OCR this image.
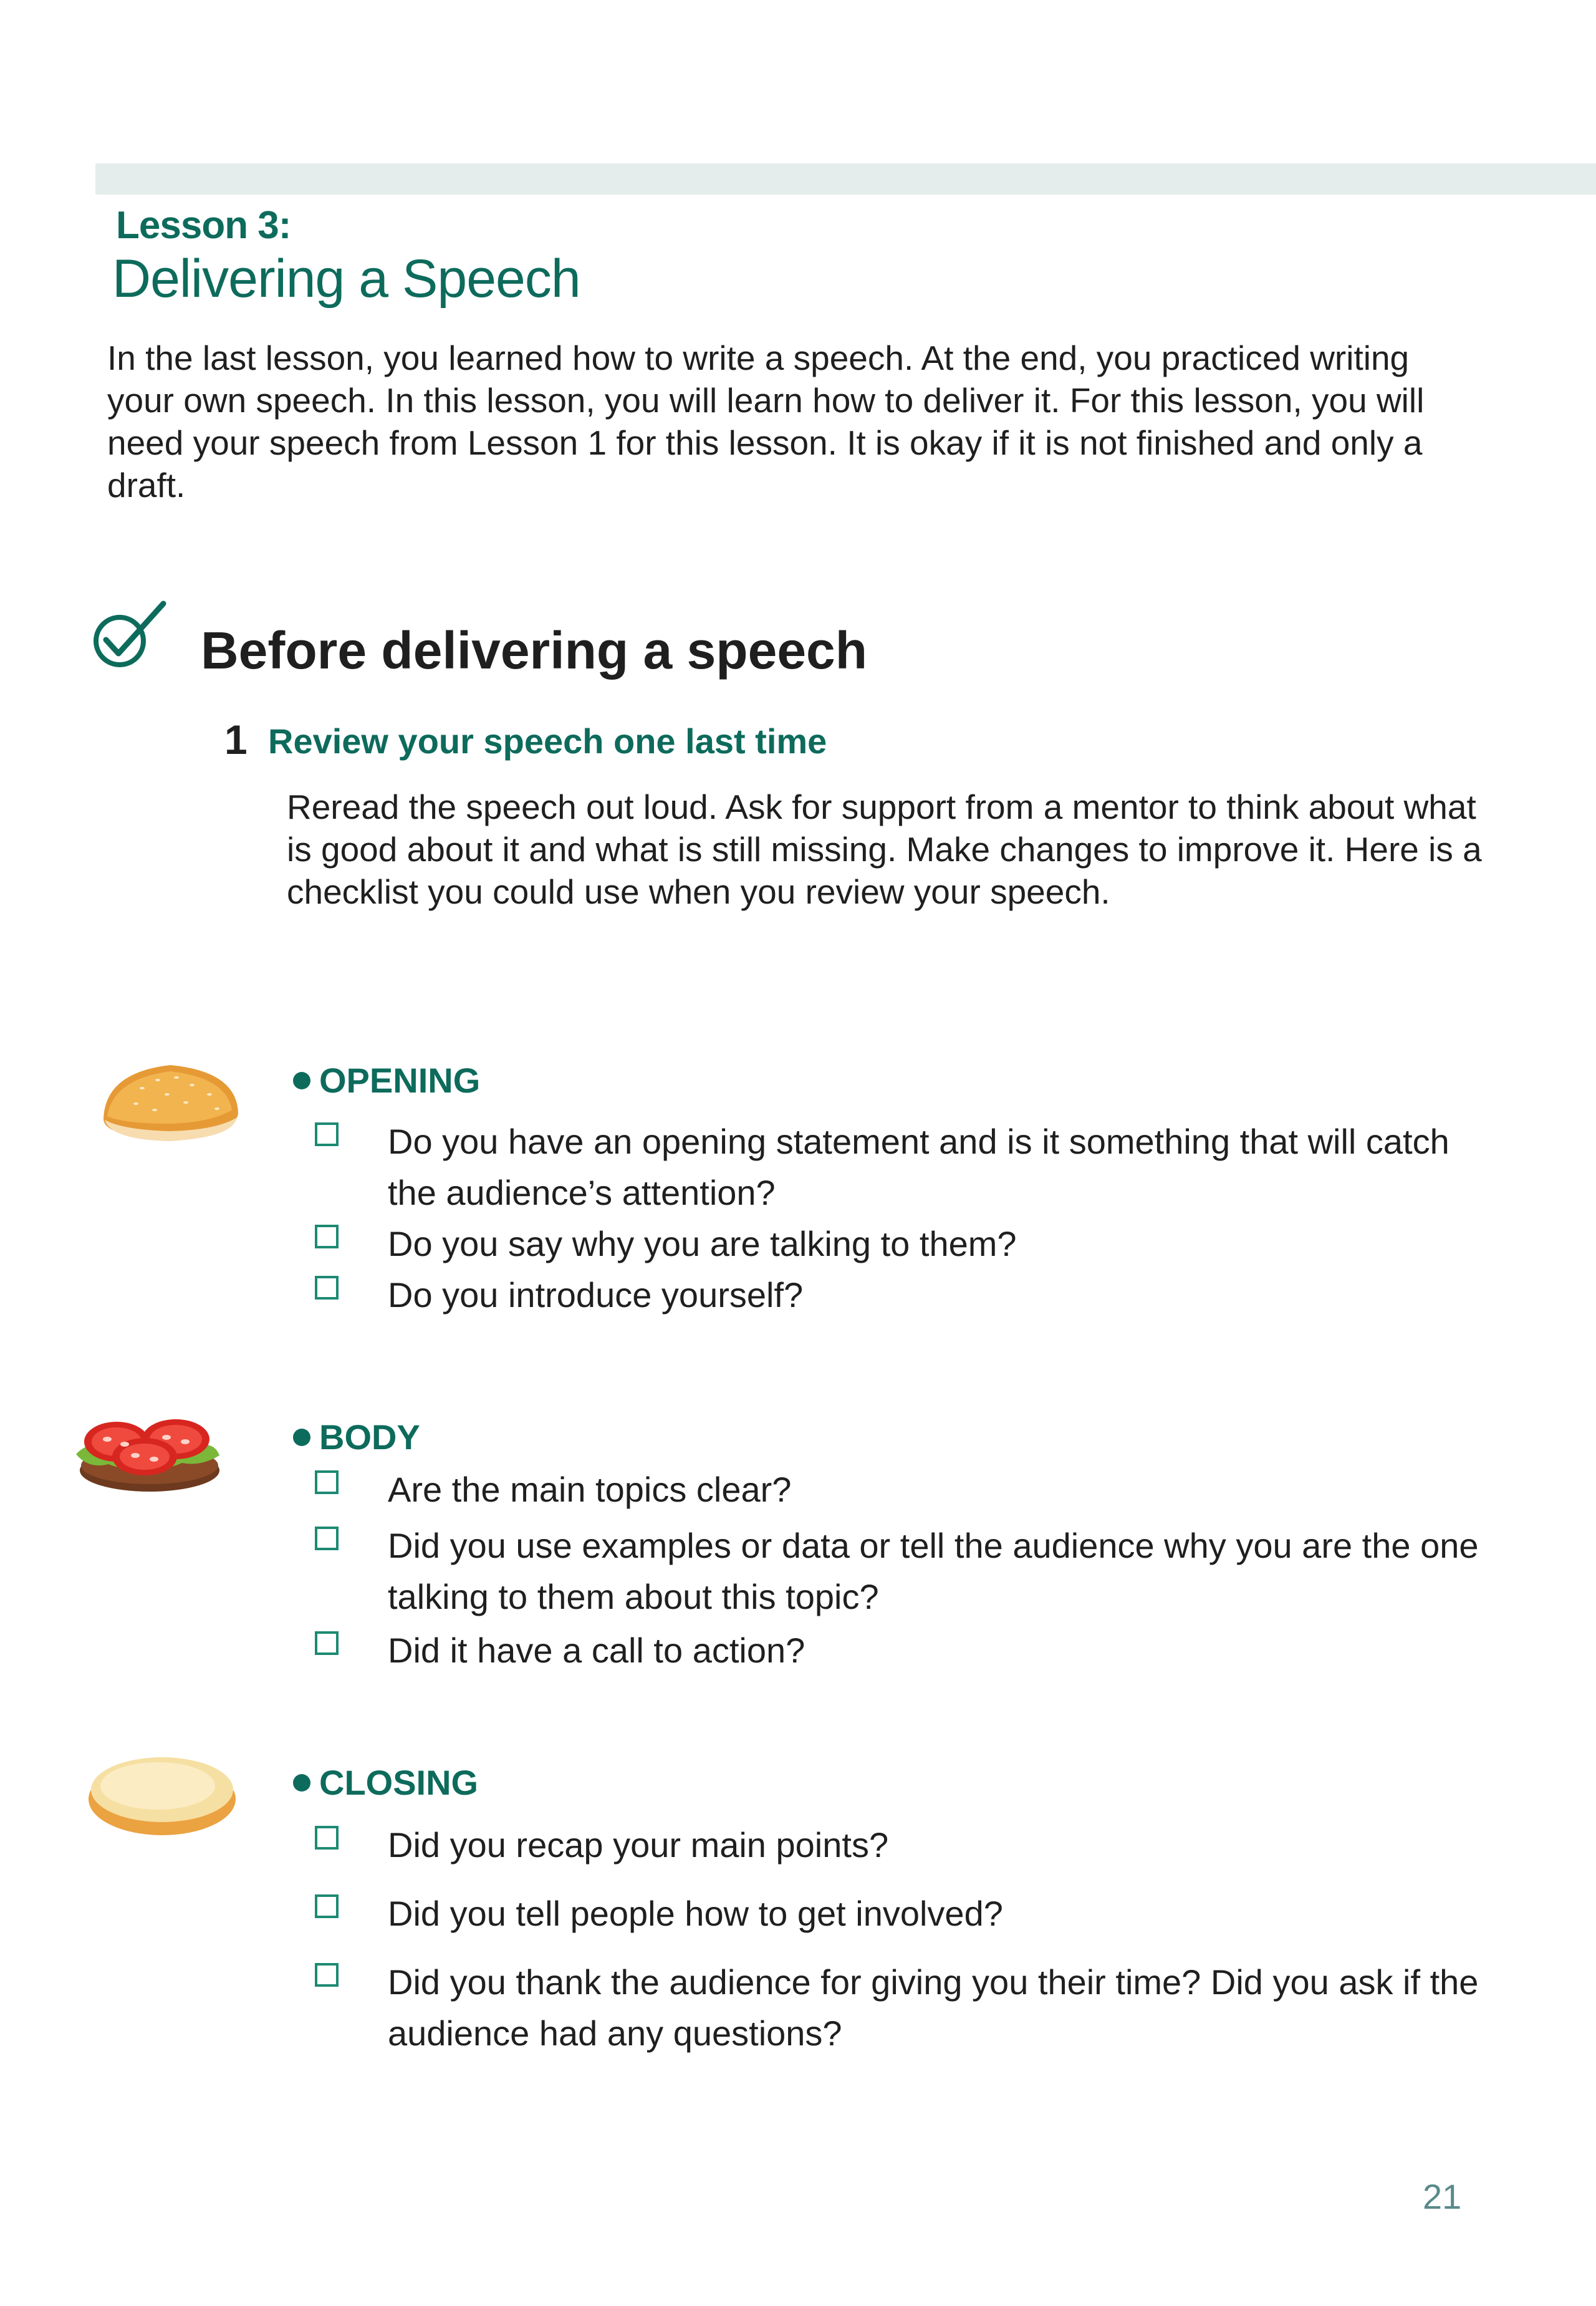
Lesson 3:
Delivering a Speech
In the last lesson, you learned how to write a speech. At the end, you practiced writing your own speech. In this lesson, you will learn how to deliver it. For this lesson, you will need your speech from Lesson 1 for this lesson. It is okay if it is not finished and only a draft.
Before delivering a speech
1 Review your speech one last time
Reread the speech out loud. Ask for support from a mentor to think about what is good about it and what is still missing. Make changes to improve it. Here is a checklist you could use when you review your speech.
OPENING
Do you have an opening statement and is it something that will catch the audience’s attention?
Do you say why you are talking to them?
Do you introduce yourself?
BODY
Are the main topics clear?
Did you use examples or data or tell the audience why you are the one talking to them about this topic?
Did it have a call to action?
CLOSING
Did you recap your main points?
Did you tell people how to get involved?
Did you thank the audience for giving you their time? Did you ask if the audience had any questions?
21
